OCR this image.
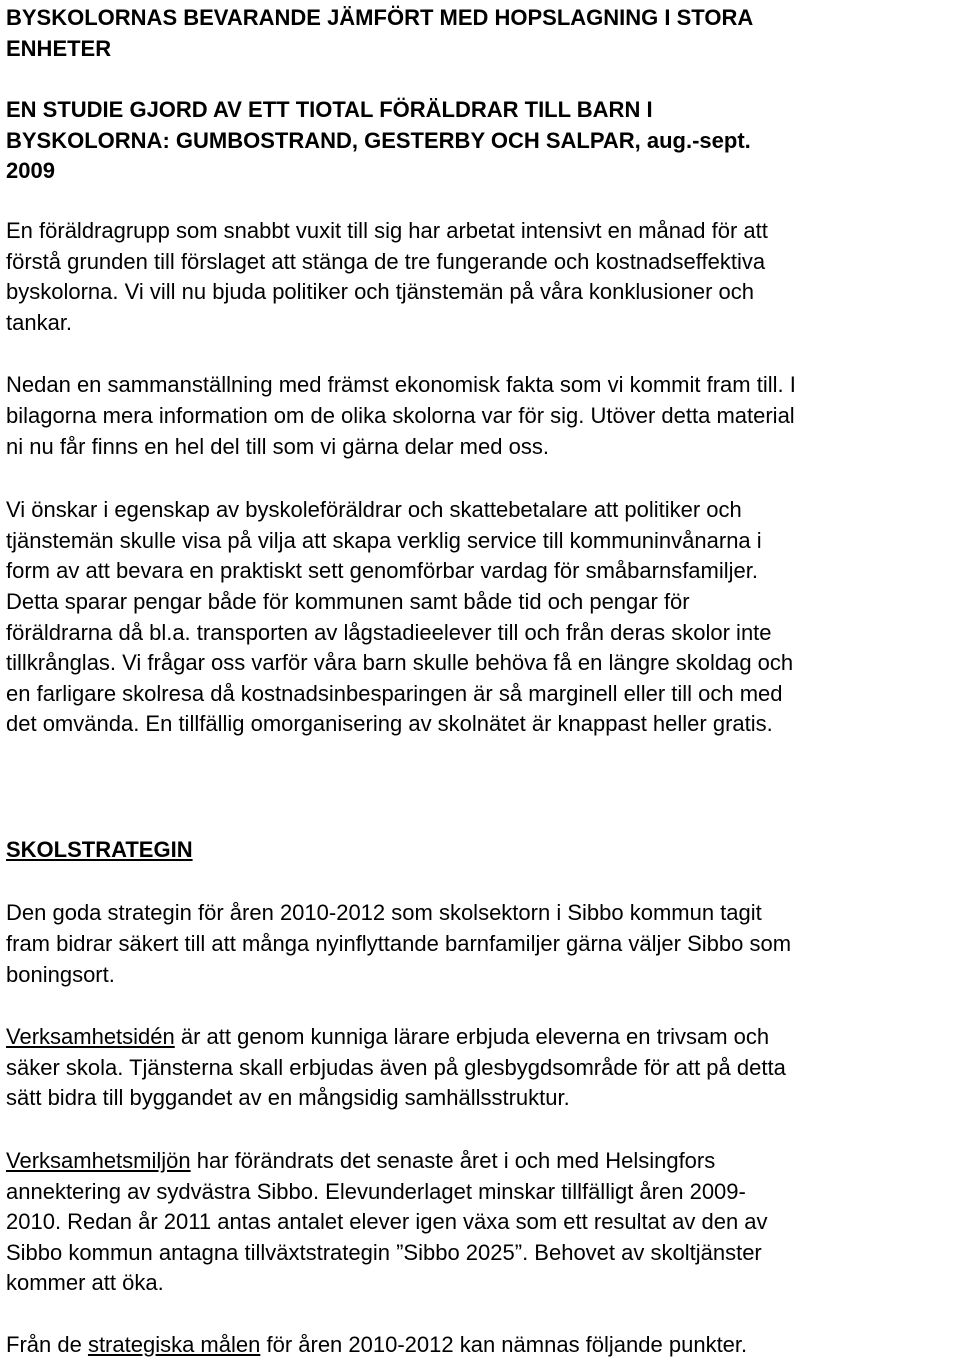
BYSKOLORNAS BEVARANDE JÄMFÖRT MED HOPSLAGNING I STORA
ENHETER

EN STUDIE GJORD AV ETT TIOTAL FÖRÄLDRAR TILL BARN I
BYSKOLORNA: GUMBOSTRAND, GESTERBY OCH SALPAR, aug.-sept.
2009

En föräldragrupp som snabbt vuxit till sig har arbetat intensivt en månad för att
förstå grunden till förslaget att stänga de tre fungerande och kostnadseffektiva
byskolorna. Vi vill nu bjuda politiker och tjänstemän på våra konklusioner och
tankar.

Nedan en sammanställning med främst ekonomisk fakta som vi kommit fram till. I
bilagorna mera information om de olika skolorna var för sig. Utöver detta material
ni nu får finns en hel del till som vi gärna delar med oss.

Vi önskar i egenskap av byskoleföräldrar och skattebetalare att politiker och
tjänstemän skulle visa på vilja att skapa verklig service till kommuninvånarna i
form av att bevara en praktiskt sett genomförbar vardag för småbarnsfamiljer.
Detta sparar pengar både för kommunen samt både tid och pengar för
föräldrarna då bl.a. transporten av lågstadieelever till och från deras skolor inte
tillkrånglas. Vi frågar oss varför våra barn skulle behöva få en längre skoldag och
en farligare skolresa då kostnadsinbesparingen är så marginell eller till och med
det omvända. En tillfällig omorganisering av skolnätet är knappast heller gratis.

SKOLSTRATEGIN

Den goda strategin för åren 2010-2012 som skolsektorn i Sibbo kommun tagit
fram bidrar säkert till att många nyinflyttande barnfamiljer gärna väljer Sibbo som
boningsort.

Verksamhetsidén är att genom kunniga lärare erbjuda eleverna en trivsam och
säker skola. Tjänsterna skall erbjudas även på glesbygdsområde för att på detta
sätt bidra till byggandet av en mångsidig samhällsstruktur.

Verksamhetsmiljön har förändrats det senaste året i och med Helsingfors
annektering av sydvästra Sibbo. Elevunderlaget minskar tillfälligt åren 2009-
2010. Redan år 2011 antas antalet elever igen växa som ett resultat av den av
Sibbo kommun antagna tillväxtstrategin ”Sibbo 2025”. Behovet av skoltjänster
kommer att öka.

Från de strategiska målen för åren 2010-2012 kan nämnas följande punkter.
